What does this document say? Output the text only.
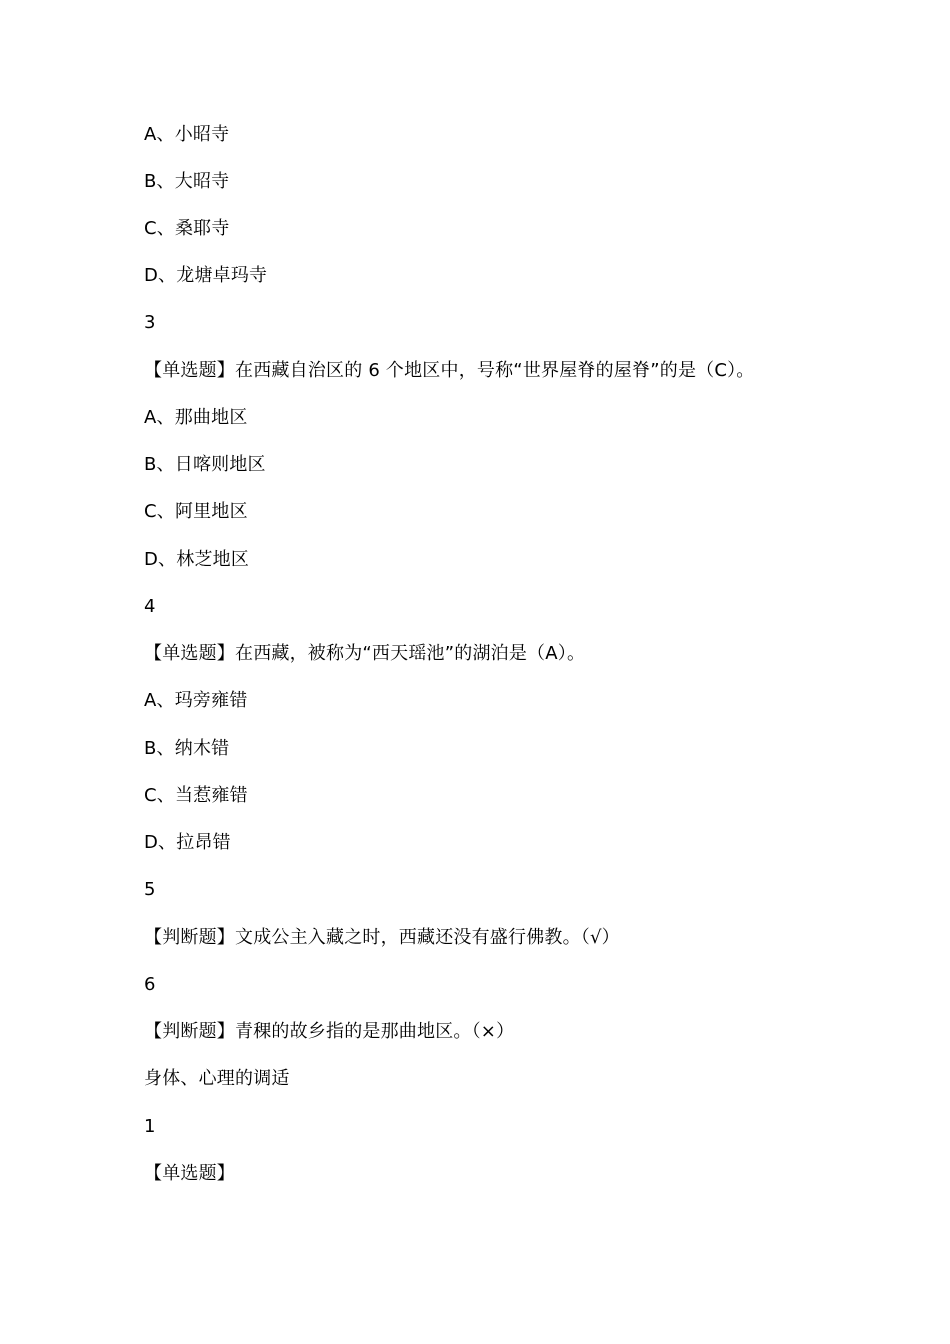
A、小昭寺
B、大昭寺
C、桑耶寺
D、龙塘卓玛寺
3
【单选题】在西藏自治区的 6 个地区中，号称“世界屋脊的屋脊”的是（C）。
A、那曲地区
B、日喀则地区
C、阿里地区
D、林芝地区
4
【单选题】在西藏，被称为“西天瑶池”的湖泊是（A）。
A、玛旁雍错
B、纳木错
C、当惹雍错
D、拉昂错
5
【判断题】文成公主入藏之时，西藏还没有盛行佛教。（√）
6
【判断题】青稞的故乡指的是那曲地区。（×）
身体、心理的调适
1
【单选题】
